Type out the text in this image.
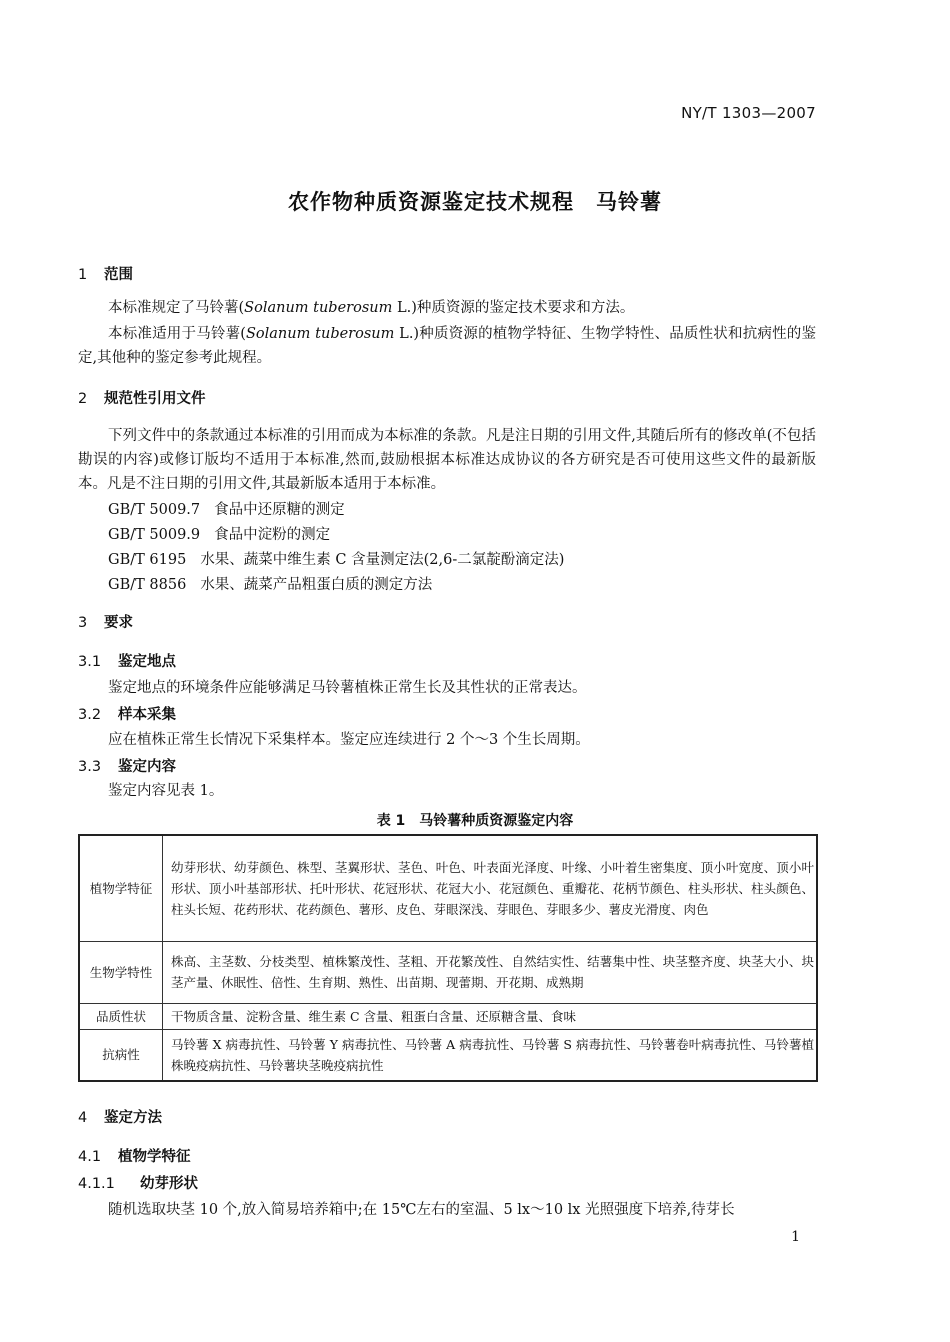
NY/T 1303—2007
农作物种质资源鉴定技术规程　马铃薯
1 范围
本标准规定了马铃薯(Solanum tuberosum L.)种质资源的鉴定技术要求和方法。
本标准适用于马铃薯(Solanum tuberosum L.)种质资源的植物学特征、生物学特性、品质性状和抗病性的鉴定,其他种的鉴定参考此规程。
2 规范性引用文件
下列文件中的条款通过本标准的引用而成为本标准的条款。凡是注日期的引用文件,其随后所有的修改单(不包括勘误的内容)或修订版均不适用于本标准,然而,鼓励根据本标准达成协议的各方研究是否可使用这些文件的最新版本。凡是不注日期的引用文件,其最新版本适用于本标准。
GB/T 5009.7 食品中还原糖的测定
GB/T 5009.9 食品中淀粉的测定
GB/T 6195 水果、蔬菜中维生素 C 含量测定法(2,6-二氯靛酚滴定法)
GB/T 8856 水果、蔬菜产品粗蛋白质的测定方法
3 要求
3.1 鉴定地点
鉴定地点的环境条件应能够满足马铃薯植株正常生长及其性状的正常表达。
3.2 样本采集
应在植株正常生长情况下采集样本。鉴定应连续进行 2 个～3 个生长周期。
3.3 鉴定内容
鉴定内容见表 1。
表 1　马铃薯种质资源鉴定内容
植物学特征	幼芽形状、幼芽颜色、株型、茎翼形状、茎色、叶色、叶表面光泽度、叶缘、小叶着生密集度、顶小叶宽度、顶小叶形状、顶小叶基部形状、托叶形状、花冠形状、花冠大小、花冠颜色、重瓣花、花柄节颜色、柱头形状、柱头颜色、柱头长短、花药形状、花药颜色、薯形、皮色、芽眼深浅、芽眼色、芽眼多少、薯皮光滑度、肉色
生物学特性	株高、主茎数、分枝类型、植株繁茂性、茎粗、开花繁茂性、自然结实性、结薯集中性、块茎整齐度、块茎大小、块茎产量、休眠性、倍性、生育期、熟性、出苗期、现蕾期、开花期、成熟期
品质性状	干物质含量、淀粉含量、维生素 C 含量、粗蛋白含量、还原糖含量、食味
抗病性	马铃薯 X 病毒抗性、马铃薯 Y 病毒抗性、马铃薯 A 病毒抗性、马铃薯 S 病毒抗性、马铃薯卷叶病毒抗性、马铃薯植株晚疫病抗性、马铃薯块茎晚疫病抗性
4 鉴定方法
4.1 植物学特征
4.1.1 幼芽形状
随机选取块茎 10 个,放入简易培养箱中;在 15℃左右的室温、5 lx～10 lx 光照强度下培养,待芽长
1
